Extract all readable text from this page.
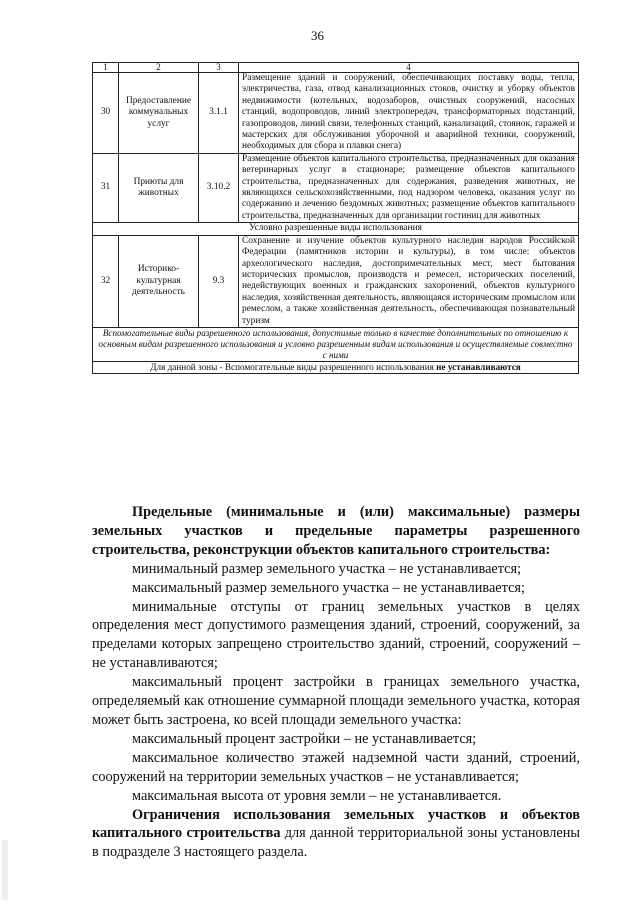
36
1	2	3	4
30	Предоставление коммунальных услуг	3.1.1	Размещение зданий и сооружений, обеспечивающих поставку воды, тепла, электричества, газа, отвод канализационных стоков, очистку и уборку объектов недвижимости (котельных, водозаборов, очистных сооружений, насосных станций, водопроводов, линий электропередач, трансформаторных подстанций, газопроводов, линий связи, телефонных станций, канализаций, стоянок, гаражей и мастерских для обслуживания уборочной и аварийной техники, сооружений, необходимых для сбора и плавки снега)
31	Приюты для животных	3.10.2	Размещение объектов капитального строительства, предназначенных для оказания ветеринарных услуг в стационаре; размещение объектов капитального строительства, предназначенных для содержания, разведения животных, не являющихся сельскохозяйственными, под надзором человека, оказания услуг по содержанию и лечению бездомных животных; размещение объектов капитального строительства, предназначенных для организации гостиниц для животных
Условно разрешенные виды использования			
32	Историко-культурная деятельность	9.3	Сохранение и изучение объектов культурного наследия народов Российской Федерации (памятников истории и культуры), в том числе: объектов археологического наследия, достопримечательных мест, мест бытования исторических промыслов, производств и ремесел, исторических поселений, недействующих военных и гражданских захоронений, объектов культурного наследия, хозяйственная деятельность, являющаяся историческим промыслом или ремеслом, а также хозяйственная деятельность, обеспечивающая познавательный туризм
Вспомогательные виды разрешенного использования, допустимые только в качестве дополнительных по отношению к основным видам разрешенного использования и условно разрешенным видам использования и осуществляемые совместно с ними			
Для данной зоны - Вспомогательные виды разрешенного использования не устанавливаются			

Предельные (минимальные и (или) максимальные) размеры земельных участков и предельные параметры разрешенного строительства, реконструкции объектов капитального строительства:

минимальный размер земельного участка – не устанавливается;

максимальный размер земельного участка – не устанавливается;

минимальные отступы от границ земельных участков в целях определения мест допустимого размещения зданий, строений, сооружений, за пределами которых запрещено строительство зданий, строений, сооружений – не устанавливаются;

максимальный процент застройки в границах земельного участка, определяемый как отношение суммарной площади земельного участка, которая может быть застроена, ко всей площади земельного участка:

максимальный процент застройки – не устанавливается;

максимальное количество этажей надземной части зданий, строений, сооружений на территории земельных участков – не устанавливается;

максимальная высота от уровня земли – не устанавливается.

Ограничения использования земельных участков и объектов капитального строительства для данной территориальной зоны установлены в подразделе 3 настоящего раздела.
